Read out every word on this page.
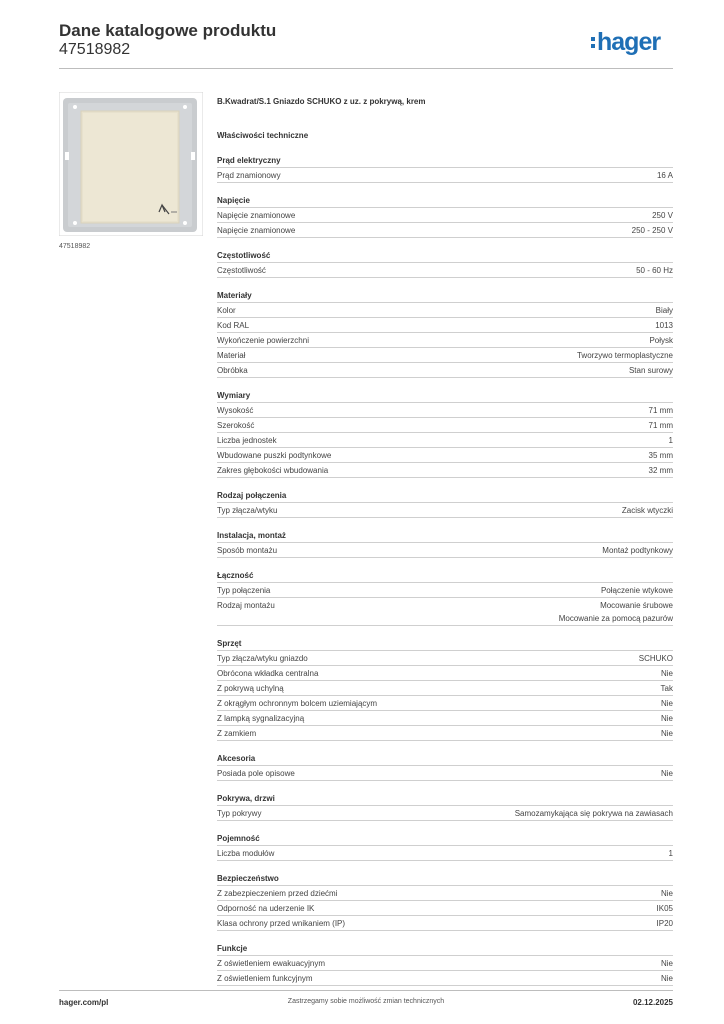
Dane katalogowe produktu
47518982	hager
47518982
B.Kwadrat/S.1 Gniazdo SCHUKO z uz. z pokrywą, krem
Właściwości techniczne
Prąd elektryczny
Prąd znamionowy	16 A
Napięcie
Napięcie znamionowe	250 V
Napięcie znamionowe	250 - 250 V
Częstotliwość
Częstotliwość	50 - 60 Hz
Materiały
Kolor	Biały
Kod RAL	1013
Wykończenie powierzchni	Połysk
Materiał	Tworzywo termoplastyczne
Obróbka	Stan surowy
Wymiary
Wysokość	71 mm
Szerokość	71 mm
Liczba jednostek	1
Wbudowane puszki podtynkowe	35 mm
Zakres głębokości wbudowania	32 mm
Rodzaj połączenia
Typ złącza/wtyku	Zacisk wtyczki
Instalacja, montaż
Sposób montażu	Montaż podtynkowy
Łączność
Typ połączenia	Połączenie wtykowe
Rodzaj montażu	Mocowanie śrubowe
Mocowanie za pomocą pazurów
Sprzęt
Typ złącza/wtyku gniazdo	SCHUKO
Obrócona wkładka centralna	Nie
Z pokrywą uchylną	Tak
Z okrągłym ochronnym bolcem uziemiającym	Nie
Z lampką sygnalizacyjną	Nie
Z zamkiem	Nie
Akcesoria
Posiada pole opisowe	Nie
Pokrywa, drzwi
Typ pokrywy	Samozamykająca się pokrywa na zawiasach
Pojemność
Liczba modułów	1
Bezpieczeństwo
Z zabezpieczeniem przed dziećmi	Nie
Odporność na uderzenie IK	IK05
Klasa ochrony przed wnikaniem (IP)	IP20
Funkcje
Z oświetleniem ewakuacyjnym	Nie
Z oświetleniem funkcyjnym	Nie
hager.com/pl	Zastrzegamy sobie możliwość zmian technicznych	02.12.2025
